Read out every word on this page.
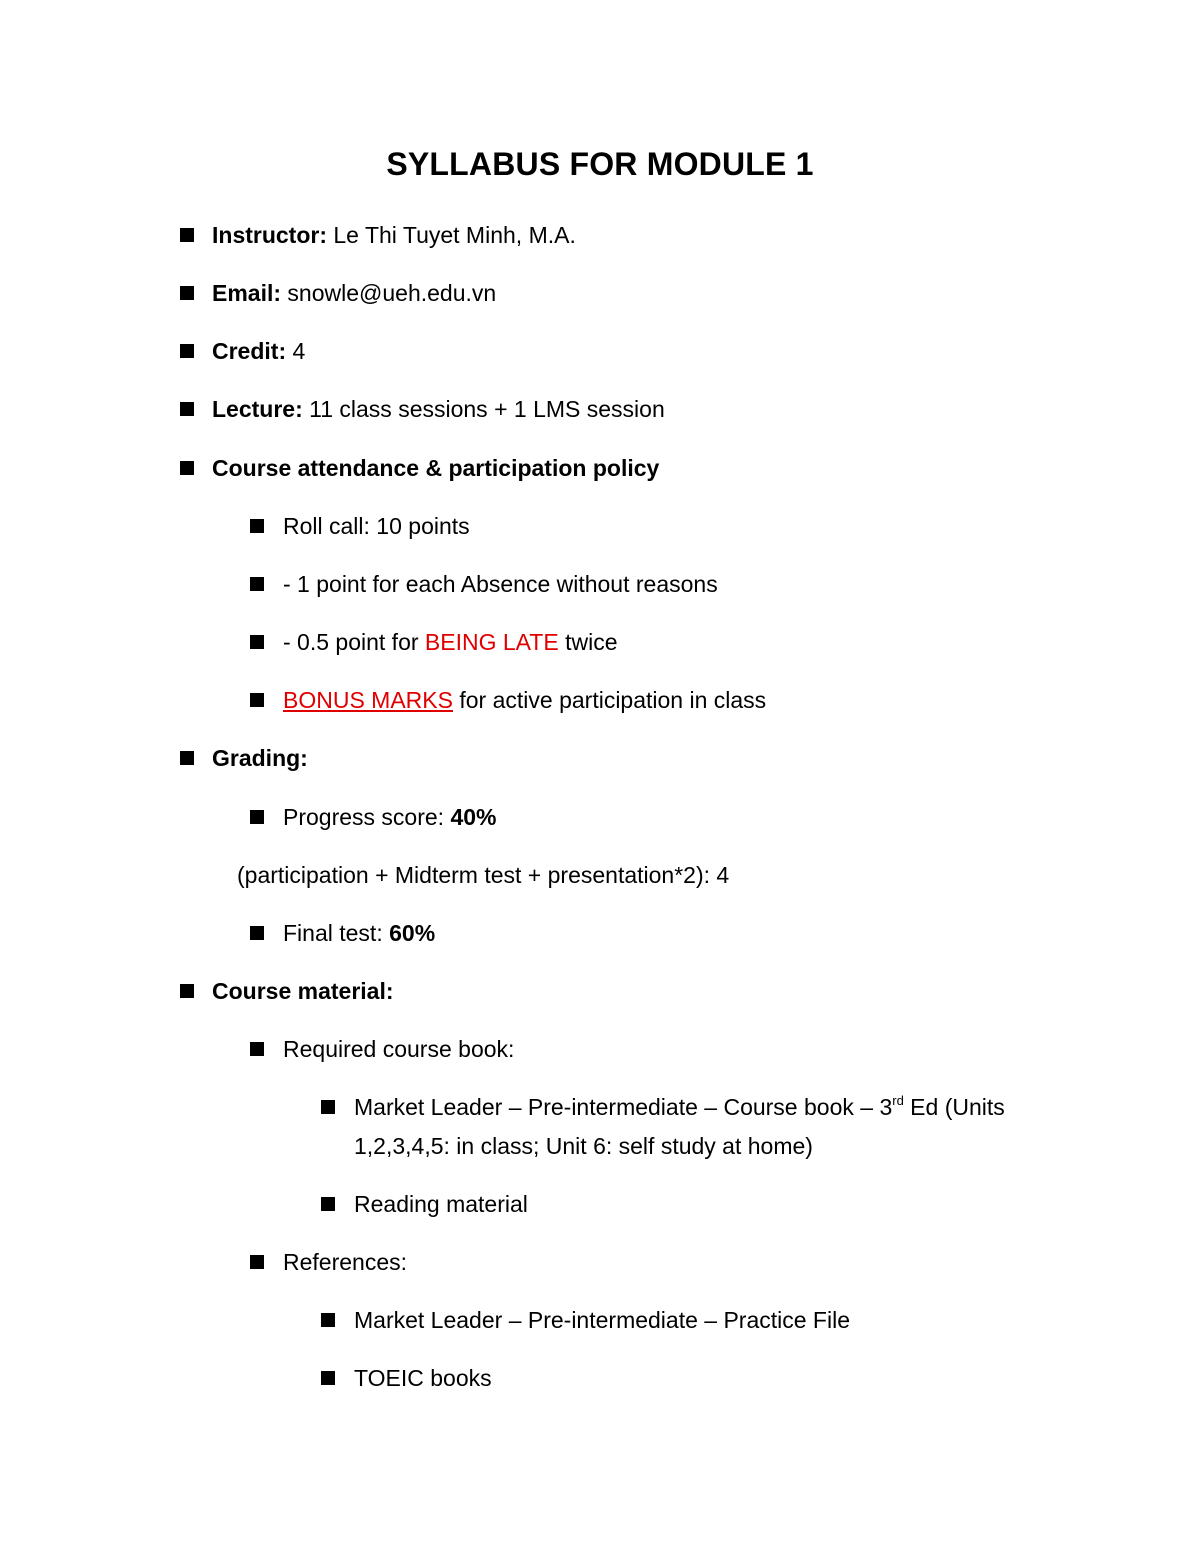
SYLLABUS FOR MODULE 1
Instructor: Le Thi Tuyet Minh, M.A.
Email: snowle@ueh.edu.vn
Credit: 4
Lecture: 11 class sessions + 1 LMS session
Course attendance & participation policy
Roll call: 10 points
- 1 point for each Absence without reasons
- 0.5 point for BEING LATE twice
BONUS MARKS for active participation in class
Grading:
Progress score: 40%
(participation + Midterm test + presentation*2): 4
Final test: 60%
Course material:
Required course book:
Market Leader – Pre-intermediate – Course book – 3rd Ed (Units
1,2,3,4,5: in class; Unit 6: self study at home)
Reading material
References:
Market Leader – Pre-intermediate – Practice File
TOEIC books
